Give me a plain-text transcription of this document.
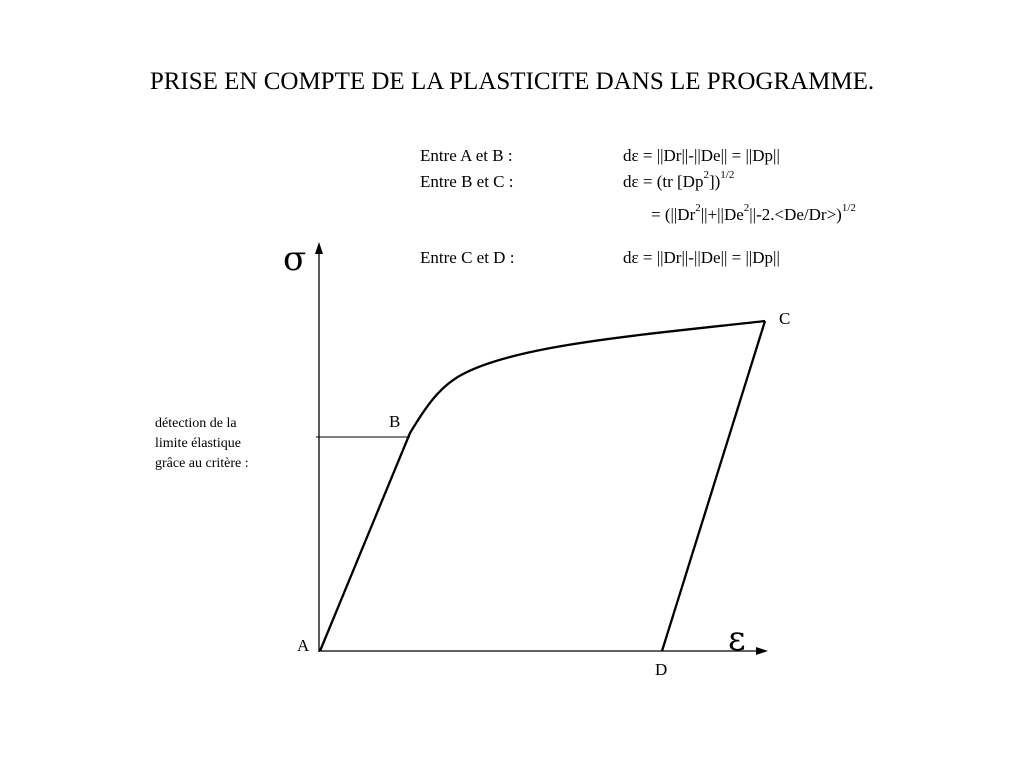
PRISE EN COMPTE DE LA PLASTICITE DANS LE PROGRAMME.
Entre A et B :	dε = ||Dr||-||De|| = ||Dp||
Entre B et C :	dε = (tr $[Dp^2])^{1/2}$
= $(||Dr^2||+||De^2||-2.<De/Dr>)^{1/2}$
Entre C et D :	dε = ||Dr||-||De|| = ||Dp||
σ
ε
A
B
C
D
détection de la
limite élastique
grâce au critère :
